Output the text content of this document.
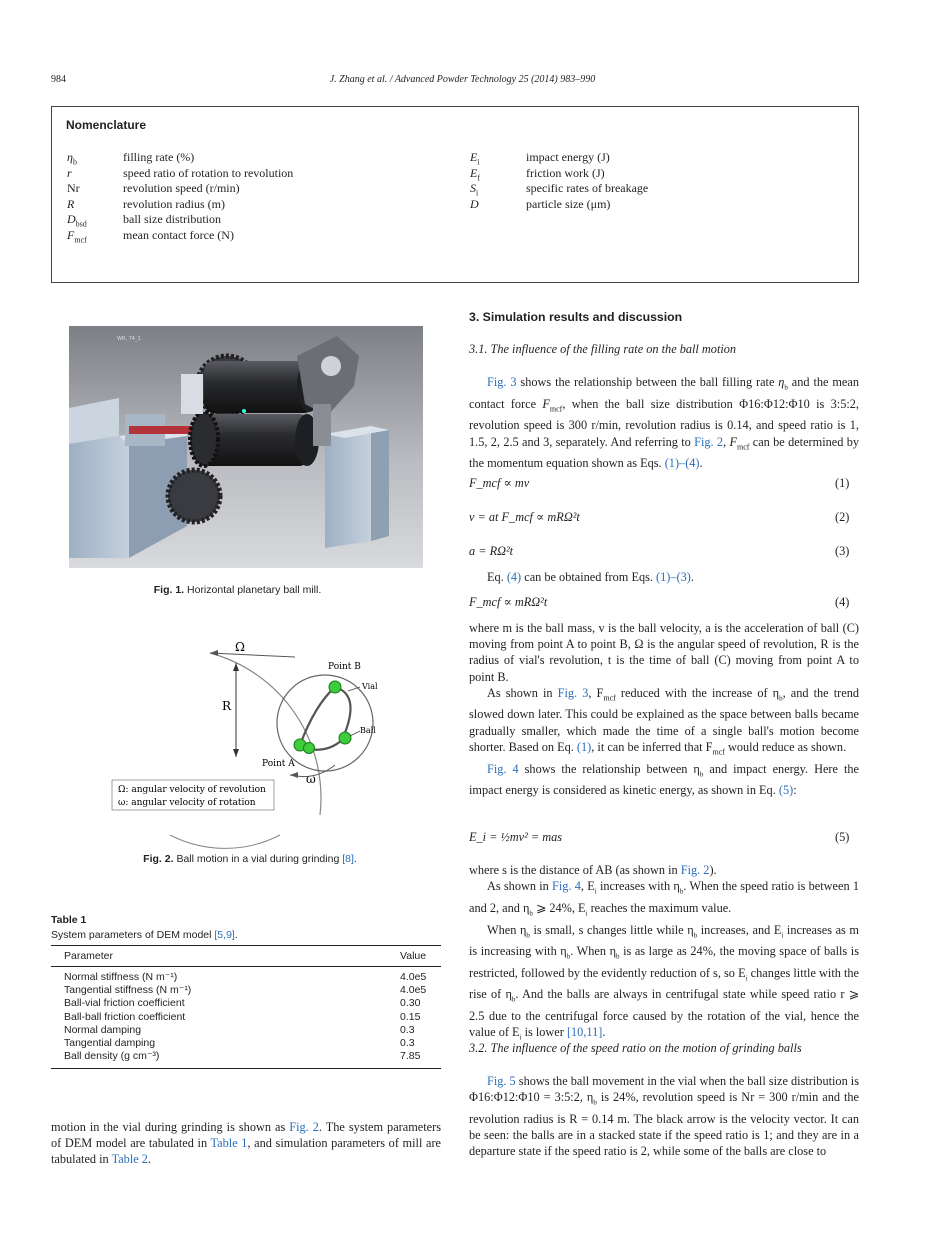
984	J. Zhang et al. / Advanced Powder Technology 25 (2014) 983–990
Nomenclature
$\eta_b$	filling rate (%)
r	speed ratio of rotation to revolution
Nr	revolution speed (r/min)
R	revolution radius (m)
$D_{bsd}$	ball size distribution
$F_{mcf}$	mean contact force (N)
$E_i$	impact energy (J)
$E_f$	friction work (J)
$S_i$	specific rates of breakage
D	particle size (μm)
WR, 74_1
Fig. 1. Horizontal planetary ball mill.
Ω
R
Point B
Vial
Ball
Point A
ω
Ω: angular velocity of revolution
ω: angular velocity of rotation
Fig. 2. Ball motion in a vial during grinding [8].
Table 1
System parameters of DEM model [5,9].
Parameter	Value
Normal stiffness (N m⁻¹)	4.0e5
Tangential stiffness (N m⁻¹)	4.0e5
Ball-vial friction coefficient	0.30
Ball-ball friction coefficient	0.15
Normal damping	0.3
Tangential damping	0.3
Ball density (g cm⁻³)	7.85
motion in the vial during grinding is shown as Fig. 2. The system parameters of DEM model are tabulated in Table 1, and simulation parameters of mill are tabulated in Table 2.
3. Simulation results and discussion
3.1. The influence of the filling rate on the ball motion

Fig. 3 shows the relationship between the ball filling rate $\eta_b$ and the mean contact force $F_{mcf}$, when the ball size distribution Φ16:Φ12:Φ10 is 3:5:2, revolution speed is 300 r/min, revolution radius is 0.14, and speed ratio is 1, 1.5, 2, 2.5 and 3, separately. And referring to Fig. 2, $F_{mcf}$ can be determined by the momentum equation shown as Eqs. (1)–(4).

F_mcf ∝ mv	(1)
v = at F_mcf ∝ mRΩ²t	(2)
a = RΩ²t	(3)

Eq. (4) can be obtained from Eqs. (1)–(3).

F_mcf ∝ mRΩ²t	(4)

where m is the ball mass, v is the ball velocity, a is the acceleration of ball (C) moving from point A to point B, Ω is the angular speed of revolution, R is the radius of vial's revolution, t is the time of ball (C) moving from point A to point B.

As shown in Fig. 3, $F_{mcf}$ reduced with the increase of $\eta_b$, and the trend slowed down later. This could be explained as the space between balls became gradually smaller, which made the time of a single ball's motion become shorter. Based on Eq. (1), it can be inferred that $F_{mcf}$ would reduce as shown.

Fig. 4 shows the relationship between $\eta_b$ and impact energy. Here the impact energy is considered as kinetic energy, as shown in Eq. (5):

E_i = ½mv² = mas	(5)

where s is the distance of AB (as shown in Fig. 2).

As shown in Fig. 4, $E_i$ increases with $\eta_b$. When the speed ratio is between 1 and 2, and $\eta_b$ ⩾ 24%, $E_i$ reaches the maximum value.

When $\eta_b$ is small, s changes little while $\eta_b$ increases, and $E_i$ increases as m is increasing with $\eta_b$. When $\eta_b$ is as large as 24%, the moving space of balls is restricted, followed by the evidently reduction of s, so $E_i$ changes little with the rise of $\eta_b$. And the balls are always in centrifugal state while speed ratio r ⩾ 2.5 due to the centrifugal force caused by the rotation of the vial, hence the value of $E_i$ is lower [10,11].

3.2. The influence of the speed ratio on the motion of grinding balls

Fig. 5 shows the ball movement in the vial when the ball size distribution is Φ16:Φ12:Φ10 = 3:5:2, $\eta_b$ is 24%, revolution speed is Nr = 300 r/min and the revolution radius is R = 0.14 m. The black arrow is the velocity vector. It can be seen: the balls are in a stacked state if the speed ratio is 1; and they are in a departure state if the speed ratio is 2, while some of the balls are close to
